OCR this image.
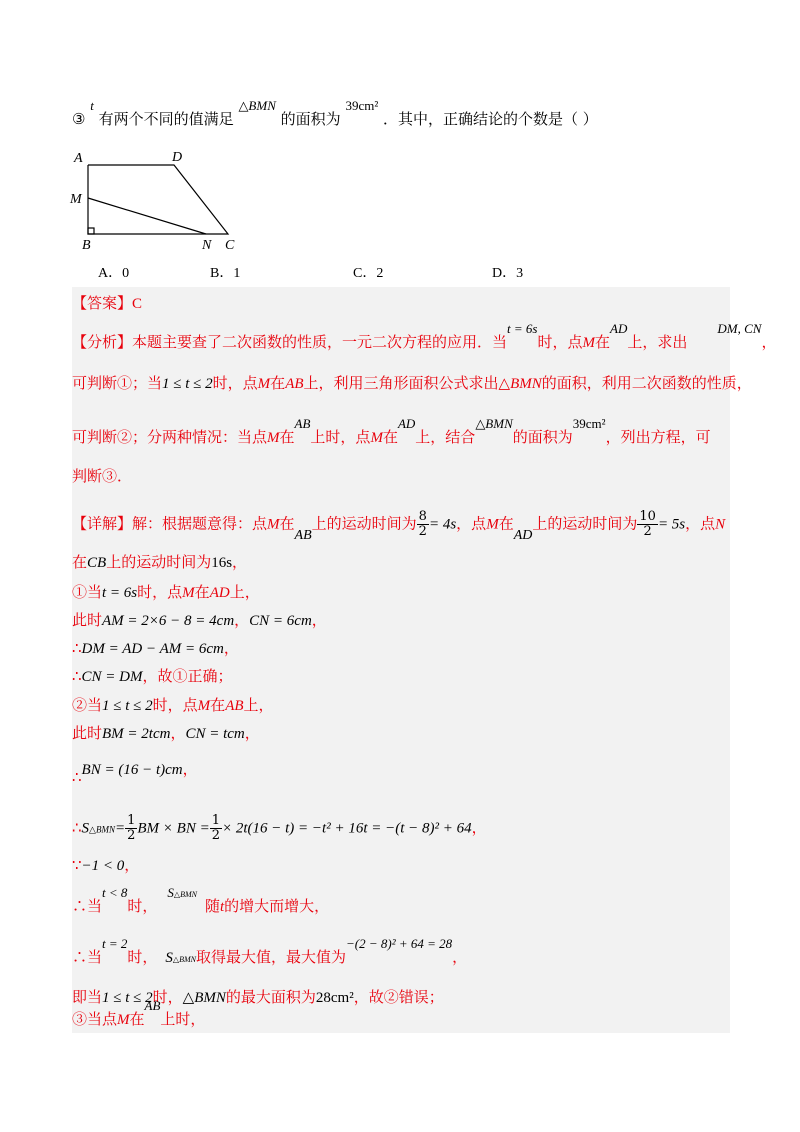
③ t 有两个不同的值满足 △BMN 的面积为 39cm² ．其中，正确结论的个数是（ ）
A	D
M
B	N C
A．0	B．1	C．2	D．3
【答案】C
【分析】本题主要查了二次函数的性质，一元二次方程的应用．当t = 6s时，点M在AD上，求出DM, CN，
可判断①；当1 ≤ t ≤ 2时，点M在AB上，利用三角形面积公式求出△BMN的面积，利用二次函数的性质，
可判断②；分两种情况：当点M在AB上时，点M在AD上，结合△BMN的面积为39cm²，列出方程，可
判断③．
【详解】解：根据题意得：点M在AB上的运动时间为 $\frac{8}{2} = 4s$，点M在AD上的运动时间为 $\frac{10}{2} = 5s$，点N
在CB上的运动时间为16s，
①当t = 6s时，点M在AD上，
此时AM = 2×6 − 8 = 4cm，CN = 6cm，
∴DM = AD − AM = 6cm，
∴CN = DM，故①正确；
②当1 ≤ t ≤ 2时，点M在AB上，
此时BM = 2tcm，CN = tcm，
∴BN = (16 − t)cm，
∴S△BMN= $\frac{1}{2}$ BM × BN = $\frac{1}{2} \times 2t(16 - t) = -t^2 + 16t = -(t - 8)^2 + 64$，
∵−1 < 0，
∴当t < 8时，S△BMN随t的增大而增大，
∴当t = 2时， S△BMN取得最大值，最大值为−(2 − 8)² + 64 = 28，
即当1 ≤ t ≤ 2时，△BMN的最大面积为28cm²，故②错误；
③当点M在AB上时，
